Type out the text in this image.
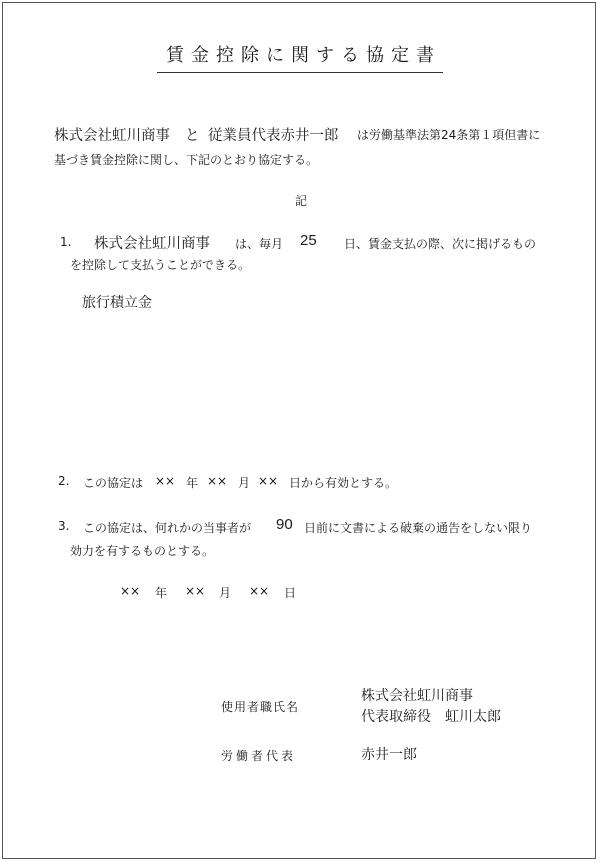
賃金控除に関する協定書
株式会社虹川商事 と 従業員代表赤井一郎 は労働基準法第24条第１項但書に
基づき賃金控除に関し、下記のとおり協定する。
記
1. 株式会社虹川商事 は、毎月 25 日、賃金支払の際、次に掲げるもの
を控除して支払うことができる。
旅行積立金
2. この協定は ×× 年 ×× 月 ×× 日から有効とする。
3. この協定は、何れかの当事者が 90 日前に文書による破棄の通告をしない限り
効力を有するものとする。
×× 年 ×× 月 ×× 日
使用者職氏名
株式会社虹川商事
代表取締役　虹川太郎
労働者代表	赤井一郎
